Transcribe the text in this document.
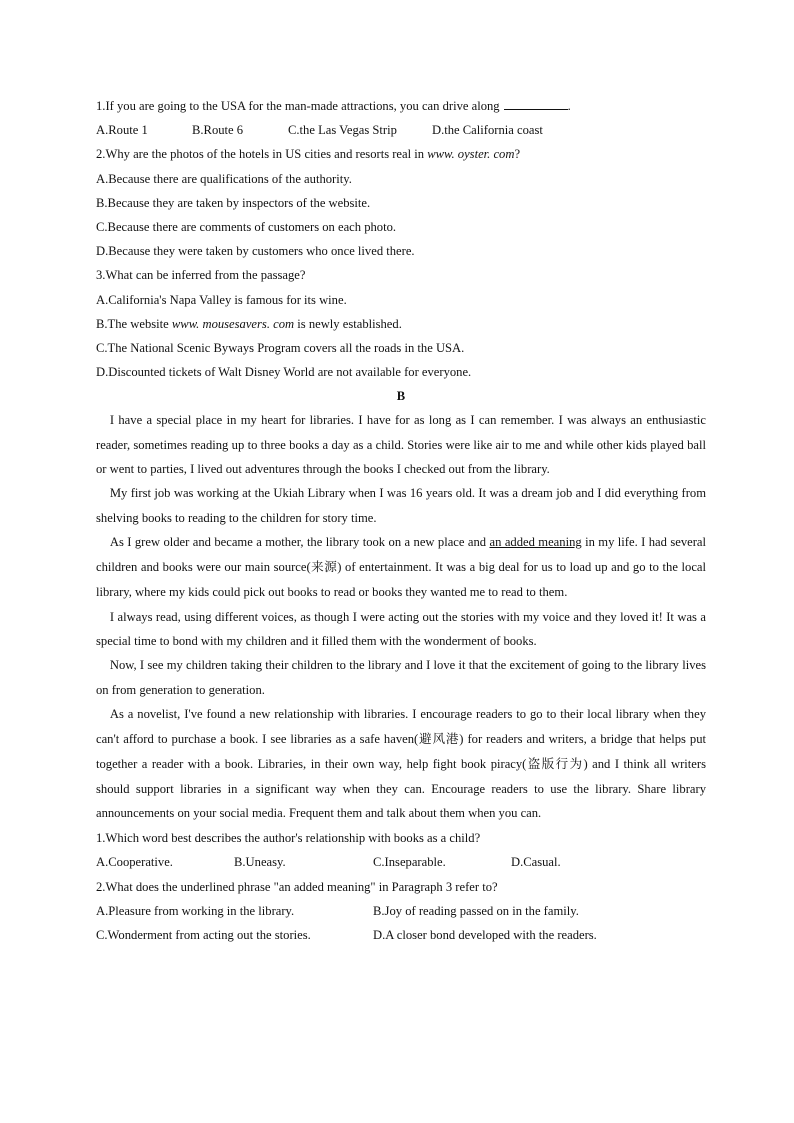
1.If you are going to the USA for the man-made attractions, you can drive along	.
A.Route 1	B.Route 6	C.the Las Vegas Strip	D.the California coast
2.Why are the photos of the hotels in US cities and resorts real in www. oyster. com?
A.Because there are qualifications of the authority.
B.Because they are taken by inspectors of the website.
C.Because there are comments of customers on each photo.
D.Because they were taken by customers who once lived there.
3.What can be inferred from the passage?
A.California's Napa Valley is famous for its wine.
B.The website www. mousesavers. com is newly established.
C.The National Scenic Byways Program covers all the roads in the USA.
D.Discounted tickets of Walt Disney World are not available for everyone.
B

I have a special place in my heart for libraries. I have for as long as I can remember. I was always an enthusiastic reader, sometimes reading up to three books a day as a child. Stories were like air to me and while other kids played ball or went to parties, I lived out adventures through the books I checked out from the library.

My first job was working at the Ukiah Library when I was 16 years old. It was a dream job and I did everything from shelving books to reading to the children for story time.

As I grew older and became a mother, the library took on a new place and an added meaning in my life. I had several children and books were our main source(来源) of entertainment. It was a big deal for us to load up and go to the local library, where my kids could pick out books to read or books they wanted me to read to them.

I always read, using different voices, as though I were acting out the stories with my voice and they loved it! It was a special time to bond with my children and it filled them with the wonderment of books.

Now, I see my children taking their children to the library and I love it that the excitement of going to the library lives on from generation to generation.

As a novelist, I've found a new relationship with libraries. I encourage readers to go to their local library when they can't afford to purchase a book. I see libraries as a safe haven(避风港) for readers and writers, a bridge that helps put together a reader with a book. Libraries, in their own way, help fight book piracy(盗版行为) and I think all writers should support libraries in a significant way when they can. Encourage readers to use the library. Share library announcements on your social media. Frequent them and talk about them when you can.

1.Which word best describes the author's relationship with books as a child?
A.Cooperative.	B.Uneasy.	C.Inseparable.	D.Casual.
2.What does the underlined phrase "an added meaning" in Paragraph 3 refer to?
A.Pleasure from working in the library.	B.Joy of reading passed on in the family.
C.Wonderment from acting out the stories.	D.A closer bond developed with the readers.
